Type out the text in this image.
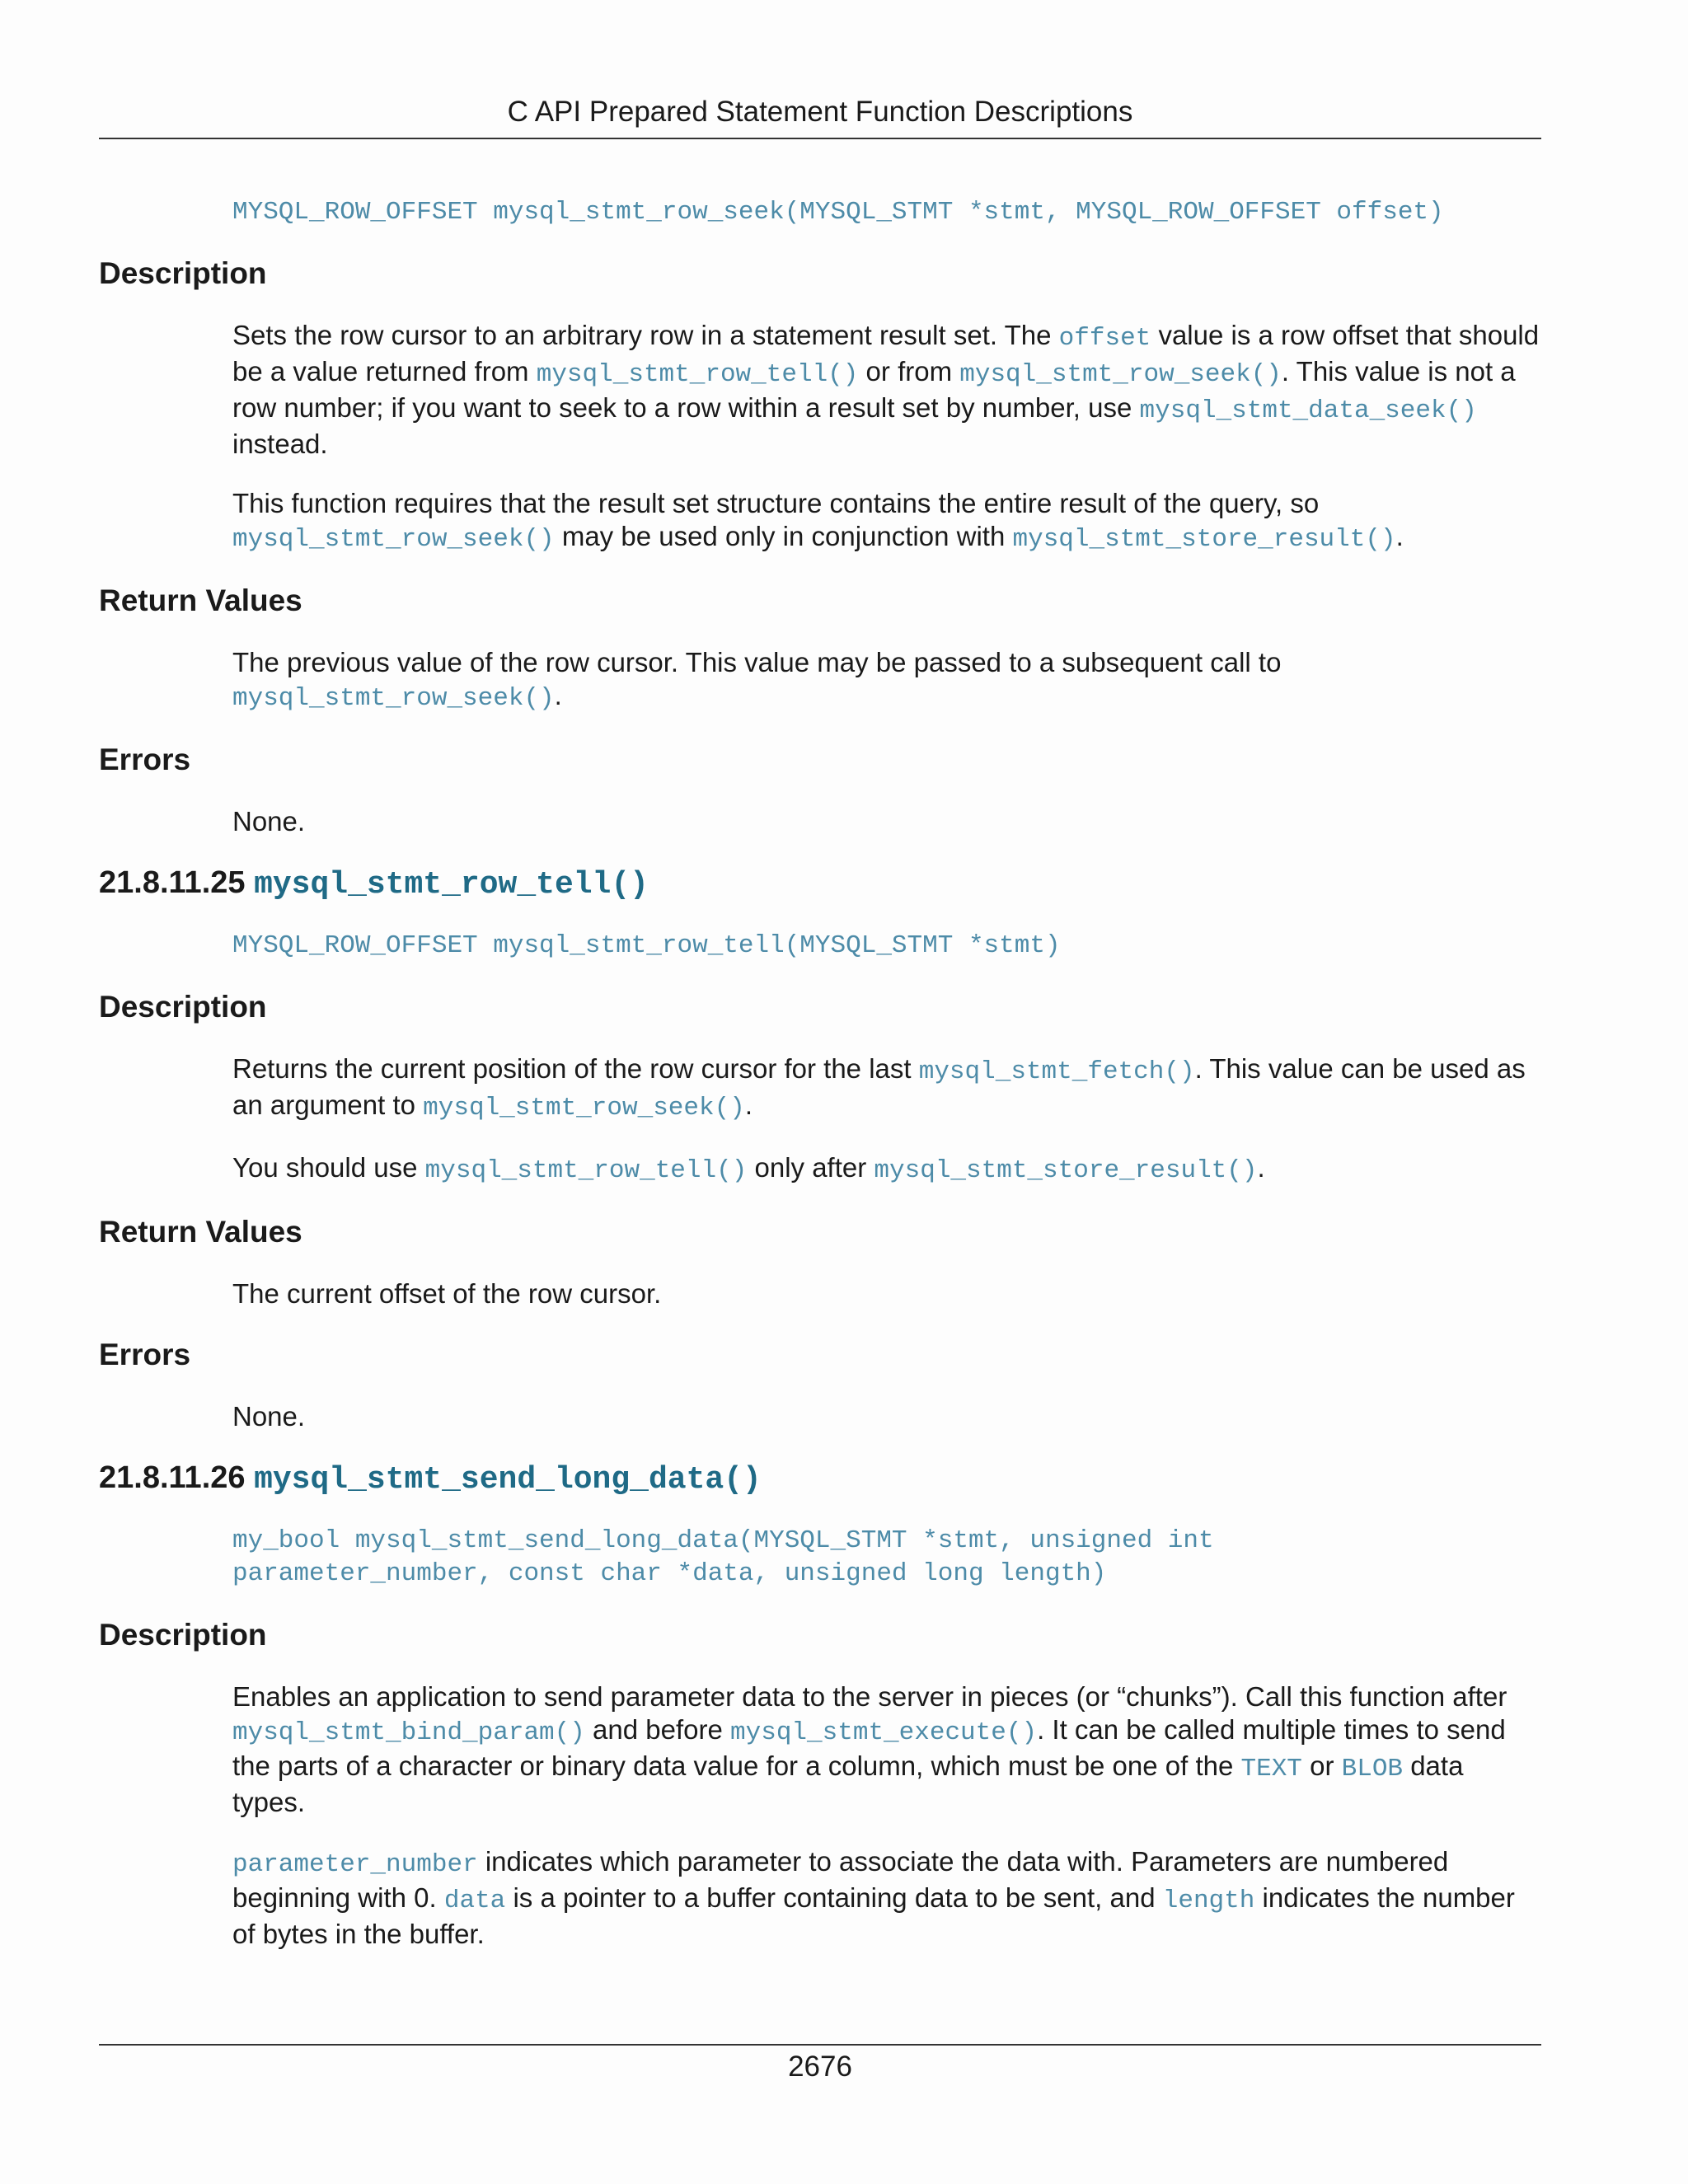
C API Prepared Statement Function Descriptions
MYSQL_ROW_OFFSET mysql_stmt_row_seek(MYSQL_STMT *stmt, MYSQL_ROW_OFFSET offset)
Description

Sets the row cursor to an arbitrary row in a statement result set. The offset value is a row offset that should be a value returned from mysql_stmt_row_tell() or from mysql_stmt_row_seek(). This value is not a row number; if you want to seek to a row within a result set by number, use mysql_stmt_data_seek() instead.

This function requires that the result set structure contains the entire result of the query, so mysql_stmt_row_seek() may be used only in conjunction with mysql_stmt_store_result().

Return Values

The previous value of the row cursor. This value may be passed to a subsequent call to mysql_stmt_row_seek().

Errors

None.

21.8.11.25 mysql_stmt_row_tell()
MYSQL_ROW_OFFSET mysql_stmt_row_tell(MYSQL_STMT *stmt)
Description

Returns the current position of the row cursor for the last mysql_stmt_fetch(). This value can be used as an argument to mysql_stmt_row_seek().

You should use mysql_stmt_row_tell() only after mysql_stmt_store_result().

Return Values

The current offset of the row cursor.

Errors

None.

21.8.11.26 mysql_stmt_send_long_data()
my_bool mysql_stmt_send_long_data(MYSQL_STMT *stmt, unsigned int
parameter_number, const char *data, unsigned long length)
Description

Enables an application to send parameter data to the server in pieces (or “chunks”). Call this function after mysql_stmt_bind_param() and before mysql_stmt_execute(). It can be called multiple times to send the parts of a character or binary data value for a column, which must be one of the TEXT or BLOB data types.

parameter_number indicates which parameter to associate the data with. Parameters are numbered beginning with 0. data is a pointer to a buffer containing data to be sent, and length indicates the number of bytes in the buffer.

2676
